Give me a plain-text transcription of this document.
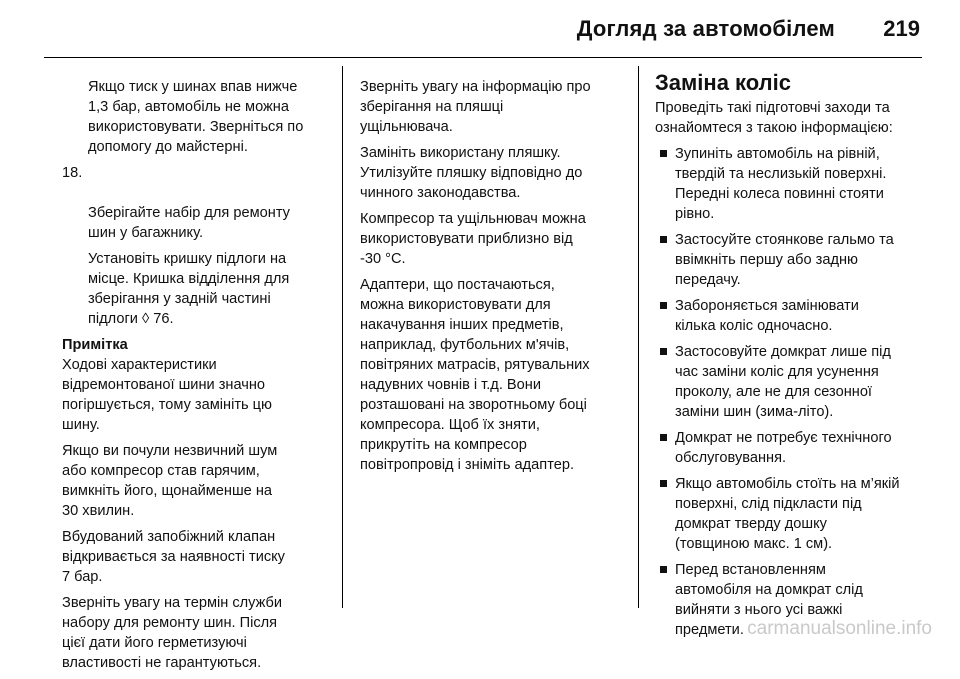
Догляд за автомобілем 219

Якщо тиск у шинах впав нижче
1,3 бар, автомобіль не можна
використовувати. Зверніться по
допомогу до майстерні.

18.

Зберігайте набір для ремонту
шин у багажнику.

Установіть кришку підлоги на
місце. Кришка відділення для
зберігання у задній частині
підлоги ◊ 76.

Примітка

Ходові характеристики
відремонтованої шини значно
погіршується, тому замініть цю
шину.

Якщо ви почули незвичний шум
або компресор став гарячим,
вимкніть його, щонайменше на
30 хвилин.

Вбудований запобіжний клапан
відкривається за наявності тиску
7 бар.

Зверніть увагу на термін служби
набору для ремонту шин. Після
цієї дати його герметизуючі
властивості не гарантуються.

Зверніть увагу на інформацію про
зберігання на пляшці
ущільнювача.

Замініть використану пляшку.
Утилізуйте пляшку відповідно до
чинного законодавства.

Компресор та ущільнювач можна
використовувати приблизно від
-30 °C.

Адаптери, що постачаються,
можна використовувати для
накачування інших предметів,
наприклад, футбольних м'ячів,
повітряних матрасів, рятувальних
надувних човнів і т.д. Вони
розташовані на зворотньому боці
компресора. Щоб їх зняти,
прикрутіть на компресор
повітропровід і зніміть адаптер.

Заміна коліс

Проведіть такі підготовчі заходи та
ознайомтеся з такою інформацією:

Зупиніть автомобіль на рівній,
твердій та неслизькій поверхні.
Передні колеса повинні стояти
рівно.
Застосуйте стоянкове гальмо та
ввімкніть першу або задню
передачу.
Забороняється замінювати
кілька коліс одночасно.
Застосовуйте домкрат лише під
час заміни коліс для усунення
проколу, але не для сезонної
заміни шин (зима-літо).
Домкрат не потребує технічного
обслуговування.
Якщо автомобіль стоїть на м’якій
поверхні, слід підкласти під
домкрат тверду дошку
(товщиною макс. 1 см).
Перед встановленням
автомобіля на домкрат слід
вийняти з нього усі важкі
предмети. carmanualsonline.info
